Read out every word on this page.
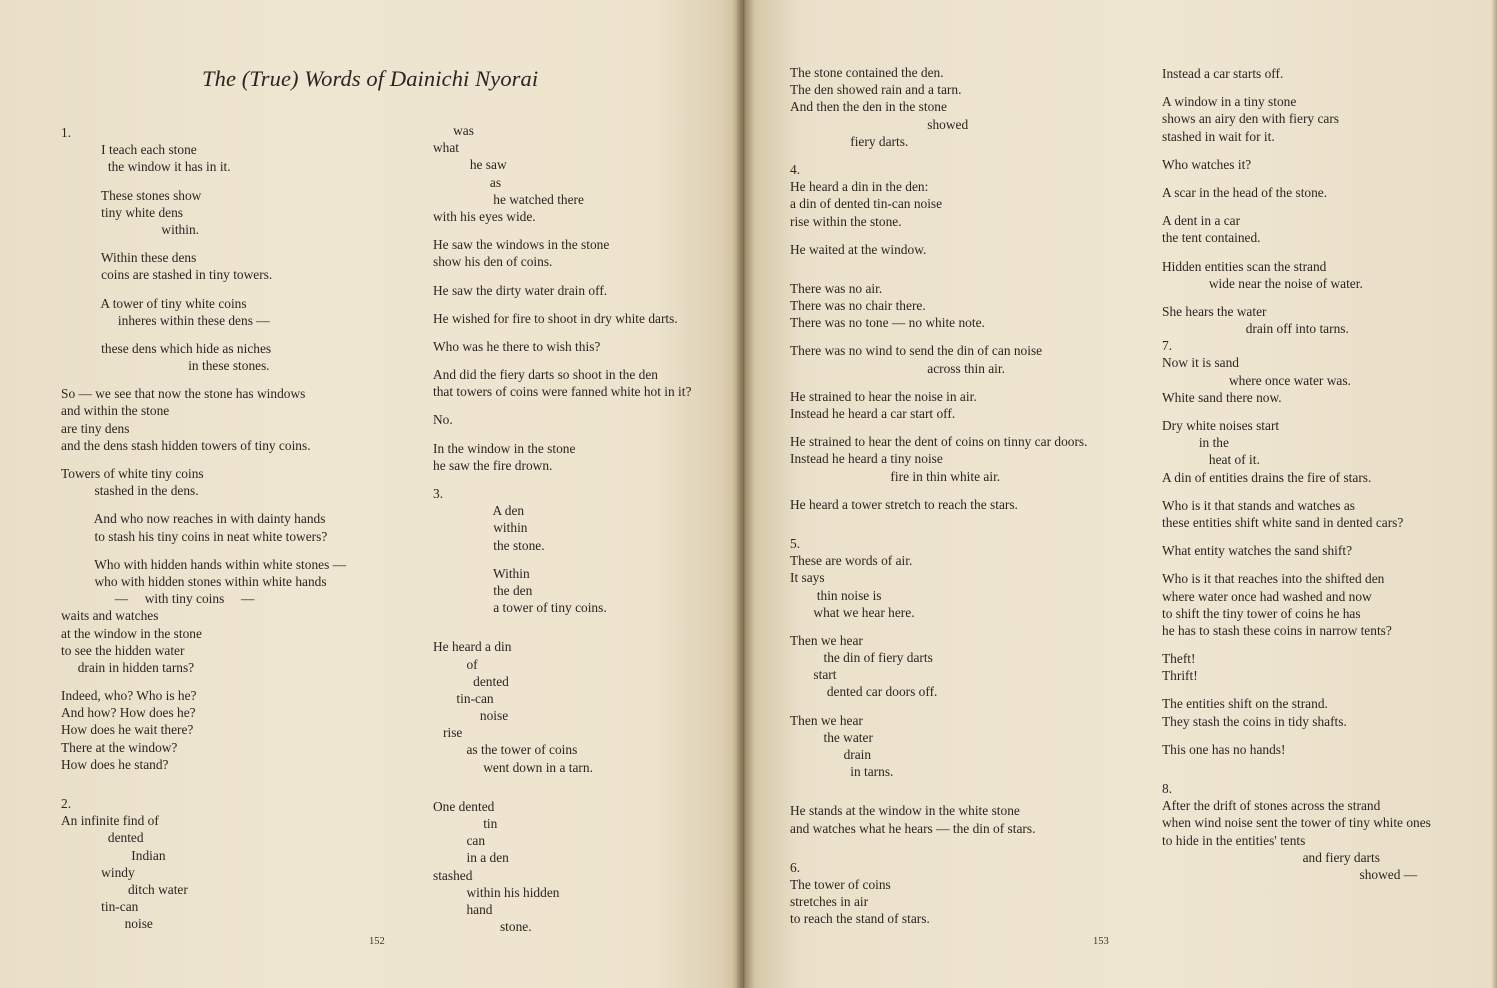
The (True) Words of Dainichi Nyorai
1.
I teach each stone
the window it has in it.
These stones show
tiny white dens
within.
Within these dens
coins are stashed in tiny towers.
A tower of tiny white coins
inheres within these dens —
these dens which hide as niches
in these stones.
So — we see that now the stone has windows
and within the stone
are tiny dens
and the dens stash hidden towers of tiny coins.
Towers of white tiny coins
stashed in the dens.
And who now reaches in with dainty hands
to stash his tiny coins in neat white towers?
Who with hidden hands within white stones —
who with hidden stones within white hands
—     with tiny coins     —
waits and watches
at the window in the stone
to see the hidden water
drain in hidden tarns?
Indeed, who? Who is he?
And how? How does he?
How does he wait there?
There at the window?
How does he stand?
2.
An infinite find of
dented
Indian
windy
ditch water
tin-can
noise
was
what
he saw
as
he watched there
with his eyes wide.
He saw the windows in the stone
show his den of coins.
He saw the dirty water drain off.
He wished for fire to shoot in dry white darts.
Who was he there to wish this?
And did the fiery darts so shoot in the den
that towers of coins were fanned white hot in it?
No.
In the window in the stone
he saw the fire drown.
3.
A den
within
the stone.
Within
the den
a tower of tiny coins.
He heard a din
of
dented
tin-can
noise
rise
as the tower of coins
went down in a tarn.
One dented
tin
can
in a den
stashed
within his hidden
hand
stone.
The stone contained the den.
The den showed rain and a tarn.
And then the den in the stone
showed
fiery darts.
4.
He heard a din in the den:
a din of dented tin-can noise
rise within the stone.
He waited at the window.
There was no air.
There was no chair there.
There was no tone — no white note.
There was no wind to send the din of can noise
across thin air.
He strained to hear the noise in air.
Instead he heard a car start off.
He strained to hear the dent of coins on tinny car doors.
Instead he heard a tiny noise
fire in thin white air.
He heard a tower stretch to reach the stars.
5.
These are words of air.
It says
thin noise is
what we hear here.
Then we hear
the din of fiery darts
start
dented car doors off.
Then we hear
the water
drain
in tarns.
He stands at the window in the white stone
and watches what he hears — the din of stars.
6.
The tower of coins
stretches in air
to reach the stand of stars.
Instead a car starts off.
A window in a tiny stone
shows an airy den with fiery cars
stashed in wait for it.
Who watches it?
A scar in the head of the stone.
A dent in a car
the tent contained.
Hidden entities scan the strand
wide near the noise of water.
She hears the water
drain off into tarns.
7.
Now it is sand
where once water was.
White sand there now.
Dry white noises start
in the
heat of it.
A din of entities drains the fire of stars.
Who is it that stands and watches as
these entities shift white sand in dented cars?
What entity watches the sand shift?
Who is it that reaches into the shifted den
where water once had washed and now
to shift the tiny tower of coins he has
he has to stash these coins in narrow tents?
Theft!
Thrift!
The entities shift on the strand.
They stash the coins in tidy shafts.
This one has no hands!
8.
After the drift of stones across the strand
when wind noise sent the tower of tiny white ones
to hide in the entities' tents
and fiery darts
showed —
152	153
